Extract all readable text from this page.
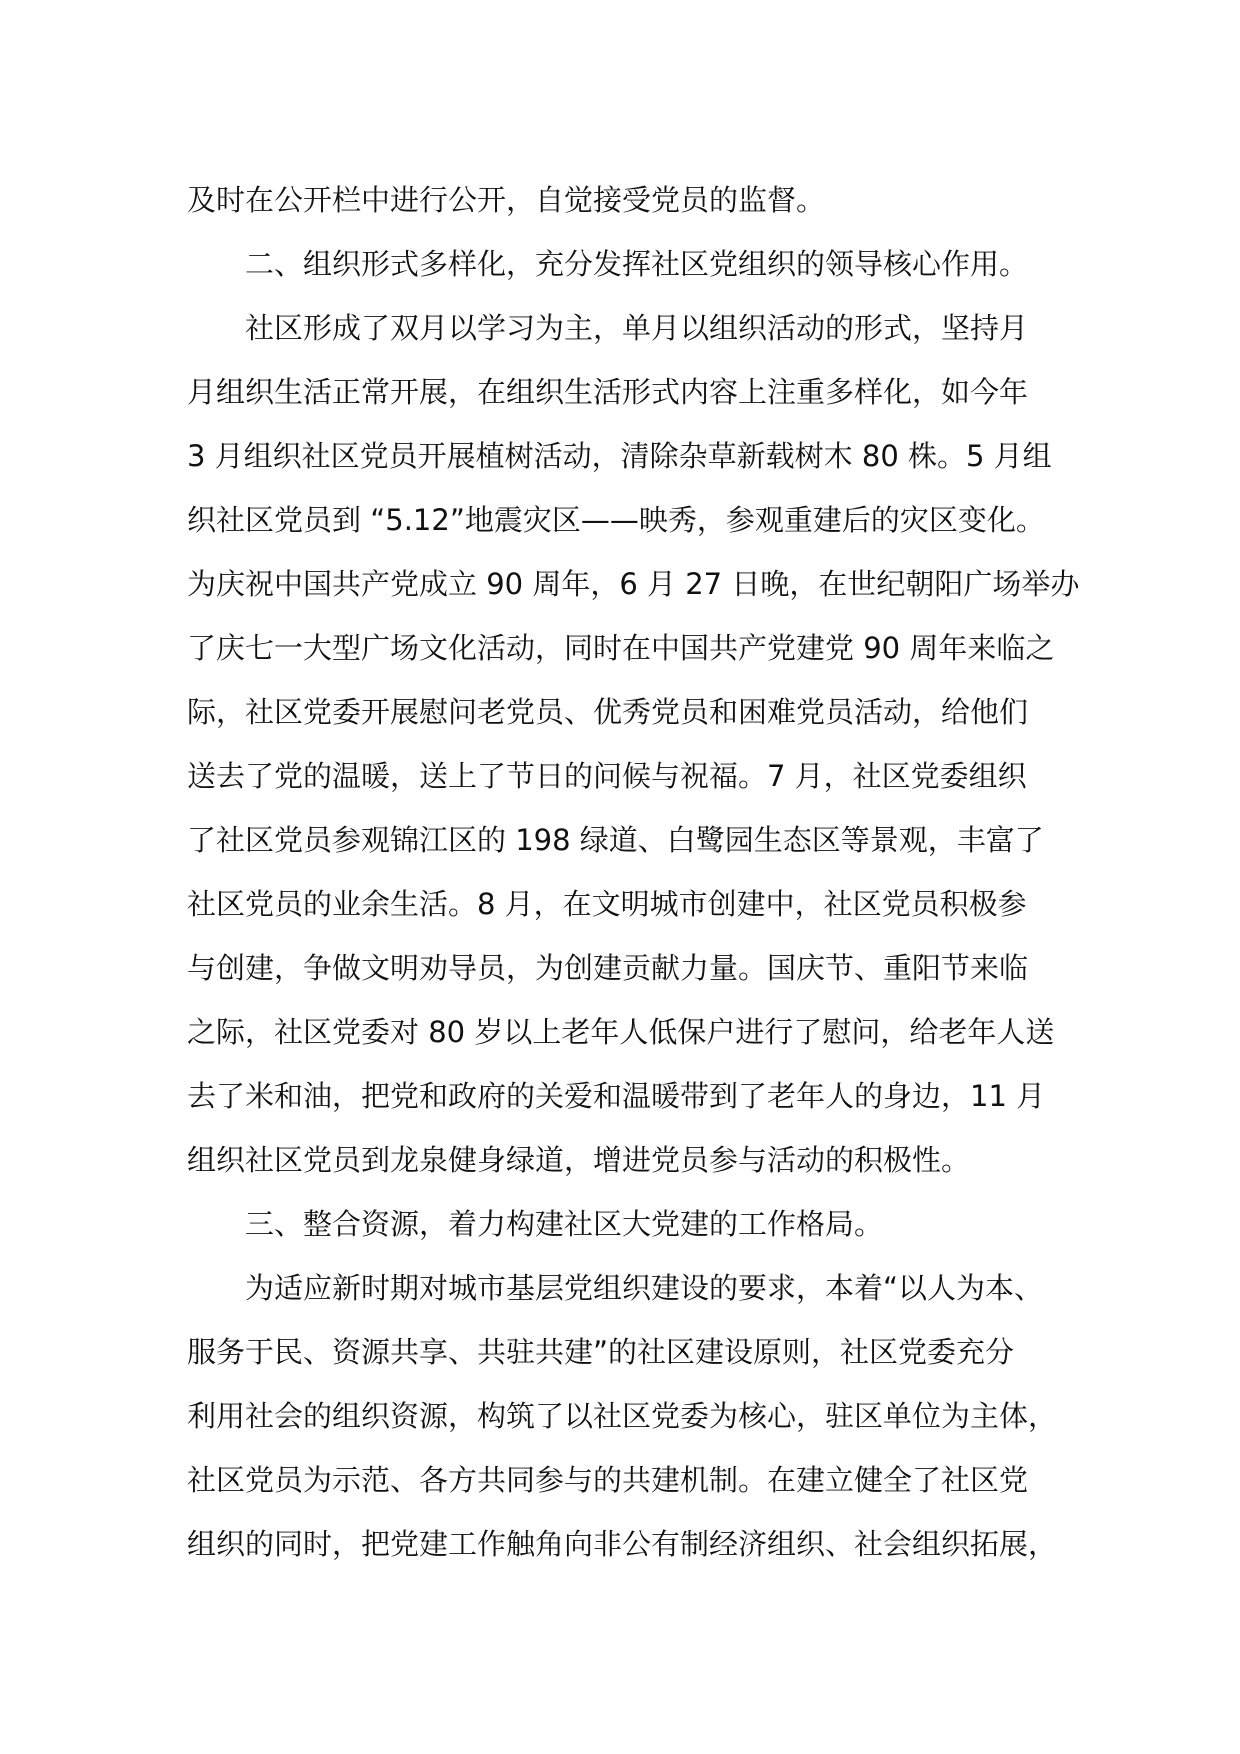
及时在公开栏中进行公开，自觉接受党员的监督。
二、组织形式多样化，充分发挥社区党组织的领导核心作用。
社区形成了双月以学习为主，单月以组织活动的形式，坚持月
月组织生活正常开展，在组织生活形式内容上注重多样化，如今年
3 月组织社区党员开展植树活动，清除杂草新载树木 80 株。5 月组
织社区党员到 “5.12”地震灾区——映秀，参观重建后的灾区变化。
为庆祝中国共产党成立 90 周年，6 月 27 日晚，在世纪朝阳广场举办
了庆七一大型广场文化活动，同时在中国共产党建党 90 周年来临之
际，社区党委开展慰问老党员、优秀党员和困难党员活动，给他们
送去了党的温暖，送上了节日的问候与祝福。7 月，社区党委组织
了社区党员参观锦江区的 198 绿道、白鹭园生态区等景观，丰富了
社区党员的业余生活。8 月，在文明城市创建中，社区党员积极参
与创建，争做文明劝导员，为创建贡献力量。国庆节、重阳节来临
之际，社区党委对 80 岁以上老年人低保户进行了慰问，给老年人送
去了米和油，把党和政府的关爱和温暖带到了老年人的身边，11 月
组织社区党员到龙泉健身绿道，增进党员参与活动的积极性。
三、整合资源，着力构建社区大党建的工作格局。
为适应新时期对城市基层党组织建设的要求，本着“以人为本、
服务于民、资源共享、共驻共建”的社区建设原则，社区党委充分
利用社会的组织资源，构筑了以社区党委为核心，驻区单位为主体，
社区党员为示范、各方共同参与的共建机制。在建立健全了社区党
组织的同时，把党建工作触角向非公有制经济组织、社会组织拓展，
